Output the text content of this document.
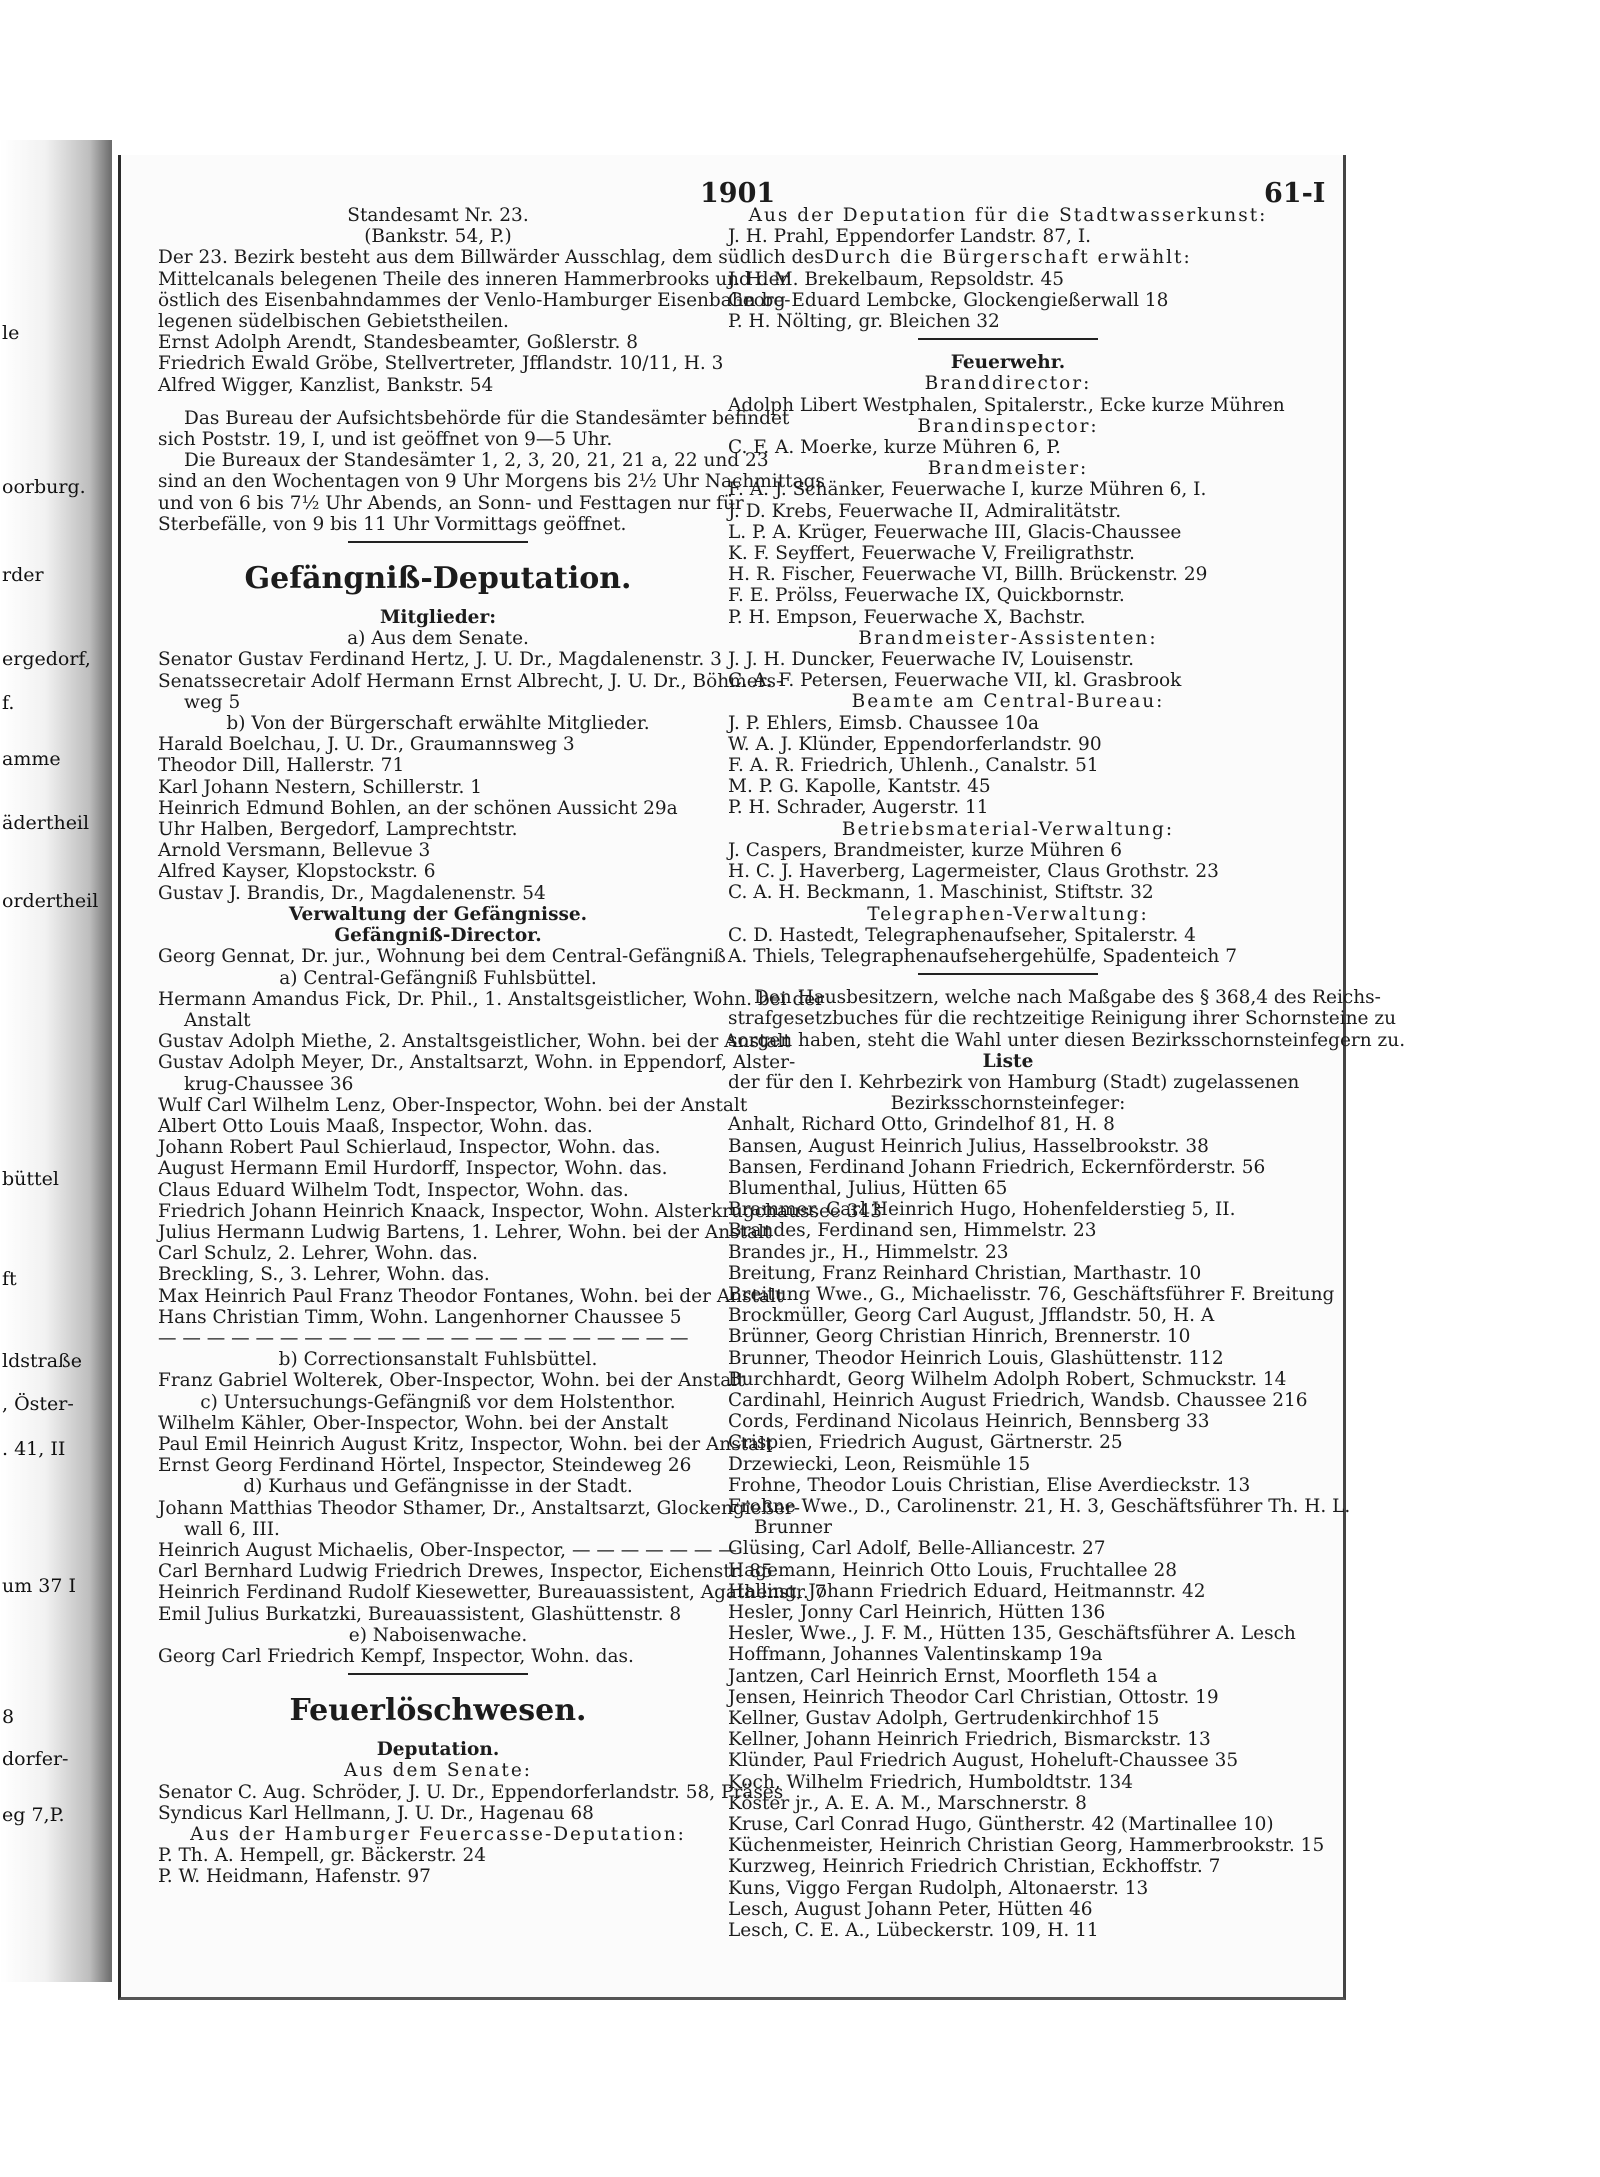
le
oorburg.
rder
ergedorf,
f.
amme
ädertheil
ordertheil
büttel
ft
ldstraße
, Öster-
. 41, II
um 37 I
8
dorfer-
eg 7,P.
1901	61-I
Standesamt Nr. 23.
(Bankstr. 54, P.)
Der 23. Bezirk besteht aus dem Billwärder Ausschlag, dem südlich des
Mittelcanals belegenen Theile des inneren Hammerbrooks und den
östlich des Eisenbahndammes der Venlo-Hamburger Eisenbahn be-
legenen südelbischen Gebietstheilen.
Ernst Adolph Arendt, Standesbeamter, Goßlerstr. 8
Friedrich Ewald Gröbe, Stellvertreter, Jfflandstr. 10/11, H. 3
Alfred Wigger, Kanzlist, Bankstr. 54
Das Bureau der Aufsichtsbehörde für die Standesämter befindet
sich Poststr. 19, I, und ist geöffnet von 9—5 Uhr.
Die Bureaux der Standesämter 1, 2, 3, 20, 21, 21 a, 22 und 23
sind an den Wochentagen von 9 Uhr Morgens bis 2½ Uhr Nachmittags
und von 6 bis 7½ Uhr Abends, an Sonn- und Festtagen nur für
Sterbefälle, von 9 bis 11 Uhr Vormittags geöffnet.
Gefängniß-Deputation.
Mitglieder:
a) Aus dem Senate.
Senator Gustav Ferdinand Hertz, J. U. Dr., Magdalenenstr. 3
Senatssecretair Adolf Hermann Ernst Albrecht, J. U. Dr., Böhmers-
weg 5
b) Von der Bürgerschaft erwählte Mitglieder.
Harald Boelchau, J. U. Dr., Graumannsweg 3
Theodor Dill, Hallerstr. 71
Karl Johann Nestern, Schillerstr. 1
Heinrich Edmund Bohlen, an der schönen Aussicht 29a
Uhr Halben, Bergedorf, Lamprechtstr.
Arnold Versmann, Bellevue 3
Alfred Kayser, Klopstockstr. 6
Gustav J. Brandis, Dr., Magdalenenstr. 54
Verwaltung der Gefängnisse.
Gefängniß-Director.
Georg Gennat, Dr. jur., Wohnung bei dem Central-Gefängniß
a) Central-Gefängniß Fuhlsbüttel.
Hermann Amandus Fick, Dr. Phil., 1. Anstaltsgeistlicher, Wohn. bei der
Anstalt
Gustav Adolph Miethe, 2. Anstaltsgeistlicher, Wohn. bei der Anstalt
Gustav Adolph Meyer, Dr., Anstaltsarzt, Wohn. in Eppendorf, Alster-
krug-Chaussee 36
Wulf Carl Wilhelm Lenz, Ober-Inspector, Wohn. bei der Anstalt
Albert Otto Louis Maaß, Inspector, Wohn. das.
Johann Robert Paul Schierlaud, Inspector, Wohn. das.
August Hermann Emil Hurdorff, Inspector, Wohn. das.
Claus Eduard Wilhelm Todt, Inspector, Wohn. das.
Friedrich Johann Heinrich Knaack, Inspector, Wohn. Alsterkrugchaussee 343
Julius Hermann Ludwig Bartens, 1. Lehrer, Wohn. bei der Anstalt
Carl Schulz, 2. Lehrer, Wohn. das.
Breckling, S., 3. Lehrer, Wohn. das.
Max Heinrich Paul Franz Theodor Fontanes, Wohn. bei der Anstalt
Hans Christian Timm, Wohn. Langenhorner Chaussee 5
— — — — — — — — — — — — — — — — — — — — — —
b) Correctionsanstalt Fuhlsbüttel.
Franz Gabriel Wolterek, Ober-Inspector, Wohn. bei der Anstalt
c) Untersuchungs-Gefängniß vor dem Holstenthor.
Wilhelm Kähler, Ober-Inspector, Wohn. bei der Anstalt
Paul Emil Heinrich August Kritz, Inspector, Wohn. bei der Anstalt
Ernst Georg Ferdinand Hörtel, Inspector, Steindeweg 26
d) Kurhaus und Gefängnisse in der Stadt.
Johann Matthias Theodor Sthamer, Dr., Anstaltsarzt, Glockengießer-
wall 6, III.
Heinrich August Michaelis, Ober-Inspector, — — — — — — —
Carl Bernhard Ludwig Friedrich Drewes, Inspector, Eichenstr. 85
Heinrich Ferdinand Rudolf Kiesewetter, Bureauassistent, Agathenstr. 7
Emil Julius Burkatzki, Bureauassistent, Glashüttenstr. 8
e) Naboisenwache.
Georg Carl Friedrich Kempf, Inspector, Wohn. das.
Feuerlöschwesen.
Deputation.
Aus dem Senate:
Senator C. Aug. Schröder, J. U. Dr., Eppendorferlandstr. 58, Präses
Syndicus Karl Hellmann, J. U. Dr., Hagenau 68
Aus der Hamburger Feuercasse-Deputation:
P. Th. A. Hempell, gr. Bäckerstr. 24
P. W. Heidmann, Hafenstr. 97
Aus der Deputation für die Stadtwasserkunst:
J. H. Prahl, Eppendorfer Landstr. 87, I.
Durch die Bürgerschaft erwählt:
J. H. M. Brekelbaum, Repsoldstr. 45
Georg Eduard Lembcke, Glockengießerwall 18
P. H. Nölting, gr. Bleichen 32
Feuerwehr.
Branddirector:
Adolph Libert Westphalen, Spitalerstr., Ecke kurze Mühren
Brandinspector:
C. F. A. Moerke, kurze Mühren 6, P.
Brandmeister:
F. A. J. Schänker, Feuerwache I, kurze Mühren 6, I.
J. D. Krebs, Feuerwache II, Admiralitätstr.
L. P. A. Krüger, Feuerwache III, Glacis-Chaussee
K. F. Seyffert, Feuerwache V, Freiligrathstr.
H. R. Fischer, Feuerwache VI, Billh. Brückenstr. 29
F. E. Prölss, Feuerwache IX, Quickbornstr.
P. H. Empson, Feuerwache X, Bachstr.
Brandmeister-Assistenten:
J. J. H. Duncker, Feuerwache IV, Louisenstr.
C. A. F. Petersen, Feuerwache VII, kl. Grasbrook
Beamte am Central-Bureau:
J. P. Ehlers, Eimsb. Chaussee 10a
W. A. J. Klünder, Eppendorferlandstr. 90
F. A. R. Friedrich, Uhlenh., Canalstr. 51
M. P. G. Kapolle, Kantstr. 45
P. H. Schrader, Augerstr. 11
Betriebsmaterial-Verwaltung:
J. Caspers, Brandmeister, kurze Mühren 6
H. C. J. Haverberg, Lagermeister, Claus Grothstr. 23
C. A. H. Beckmann, 1. Maschinist, Stiftstr. 32
Telegraphen-Verwaltung:
C. D. Hastedt, Telegraphenaufseher, Spitalerstr. 4
A. Thiels, Telegraphenaufsehergehülfe, Spadenteich 7
Den Hausbesitzern, welche nach Maßgabe des § 368,4 des Reichs-
strafgesetzbuches für die rechtzeitige Reinigung ihrer Schornsteine zu
sorgen haben, steht die Wahl unter diesen Bezirksschornsteinfegern zu.
Liste
der für den I. Kehrbezirk von Hamburg (Stadt) zugelassenen
Bezirksschornsteinfeger:
Anhalt, Richard Otto, Grindelhof 81, H. 8
Bansen, August Heinrich Julius, Hasselbrookstr. 38
Bansen, Ferdinand Johann Friedrich, Eckernförderstr. 56
Blumenthal, Julius, Hütten 65
Brammer, Carl Heinrich Hugo, Hohenfelderstieg 5, II.
Brandes, Ferdinand sen, Himmelstr. 23
Brandes jr., H., Himmelstr. 23
Breitung, Franz Reinhard Christian, Marthastr. 10
Breitung Wwe., G., Michaelisstr. 76, Geschäftsführer F. Breitung
Brockmüller, Georg Carl August, Jfflandstr. 50, H. A
Brünner, Georg Christian Hinrich, Brennerstr. 10
Brunner, Theodor Heinrich Louis, Glashüttenstr. 112
Burchhardt, Georg Wilhelm Adolph Robert, Schmuckstr. 14
Cardinahl, Heinrich August Friedrich, Wandsb. Chaussee 216
Cords, Ferdinand Nicolaus Heinrich, Bennsberg 33
Crispien, Friedrich August, Gärtnerstr. 25
Drzewiecki, Leon, Reismühle 15
Frohne, Theodor Louis Christian, Elise Averdieckstr. 13
Frohne Wwe., D., Carolinenstr. 21, H. 3, Geschäftsführer Th. H. L.
Brunner
Glüsing, Carl Adolf, Belle-Alliancestr. 27
Hagemann, Heinrich Otto Louis, Fruchtallee 28
Halling, Johann Friedrich Eduard, Heitmannstr. 42
Hesler, Jonny Carl Heinrich, Hütten 136
Hesler, Wwe., J. F. M., Hütten 135, Geschäftsführer A. Lesch
Hoffmann, Johannes Valentinskamp 19a
Jantzen, Carl Heinrich Ernst, Moorfleth 154 a
Jensen, Heinrich Theodor Carl Christian, Ottostr. 19
Kellner, Gustav Adolph, Gertrudenkirchhof 15
Kellner, Johann Heinrich Friedrich, Bismarckstr. 13
Klünder, Paul Friedrich August, Hoheluft-Chaussee 35
Koch, Wilhelm Friedrich, Humboldtstr. 134
Köster jr., A. E. A. M., Marschnerstr. 8
Kruse, Carl Conrad Hugo, Güntherstr. 42 (Martinallee 10)
Küchenmeister, Heinrich Christian Georg, Hammerbrookstr. 15
Kurzweg, Heinrich Friedrich Christian, Eckhoffstr. 7
Kuns, Viggo Fergan Rudolph, Altonaerstr. 13
Lesch, August Johann Peter, Hütten 46
Lesch, C. E. A., Lübeckerstr. 109, H. 11
